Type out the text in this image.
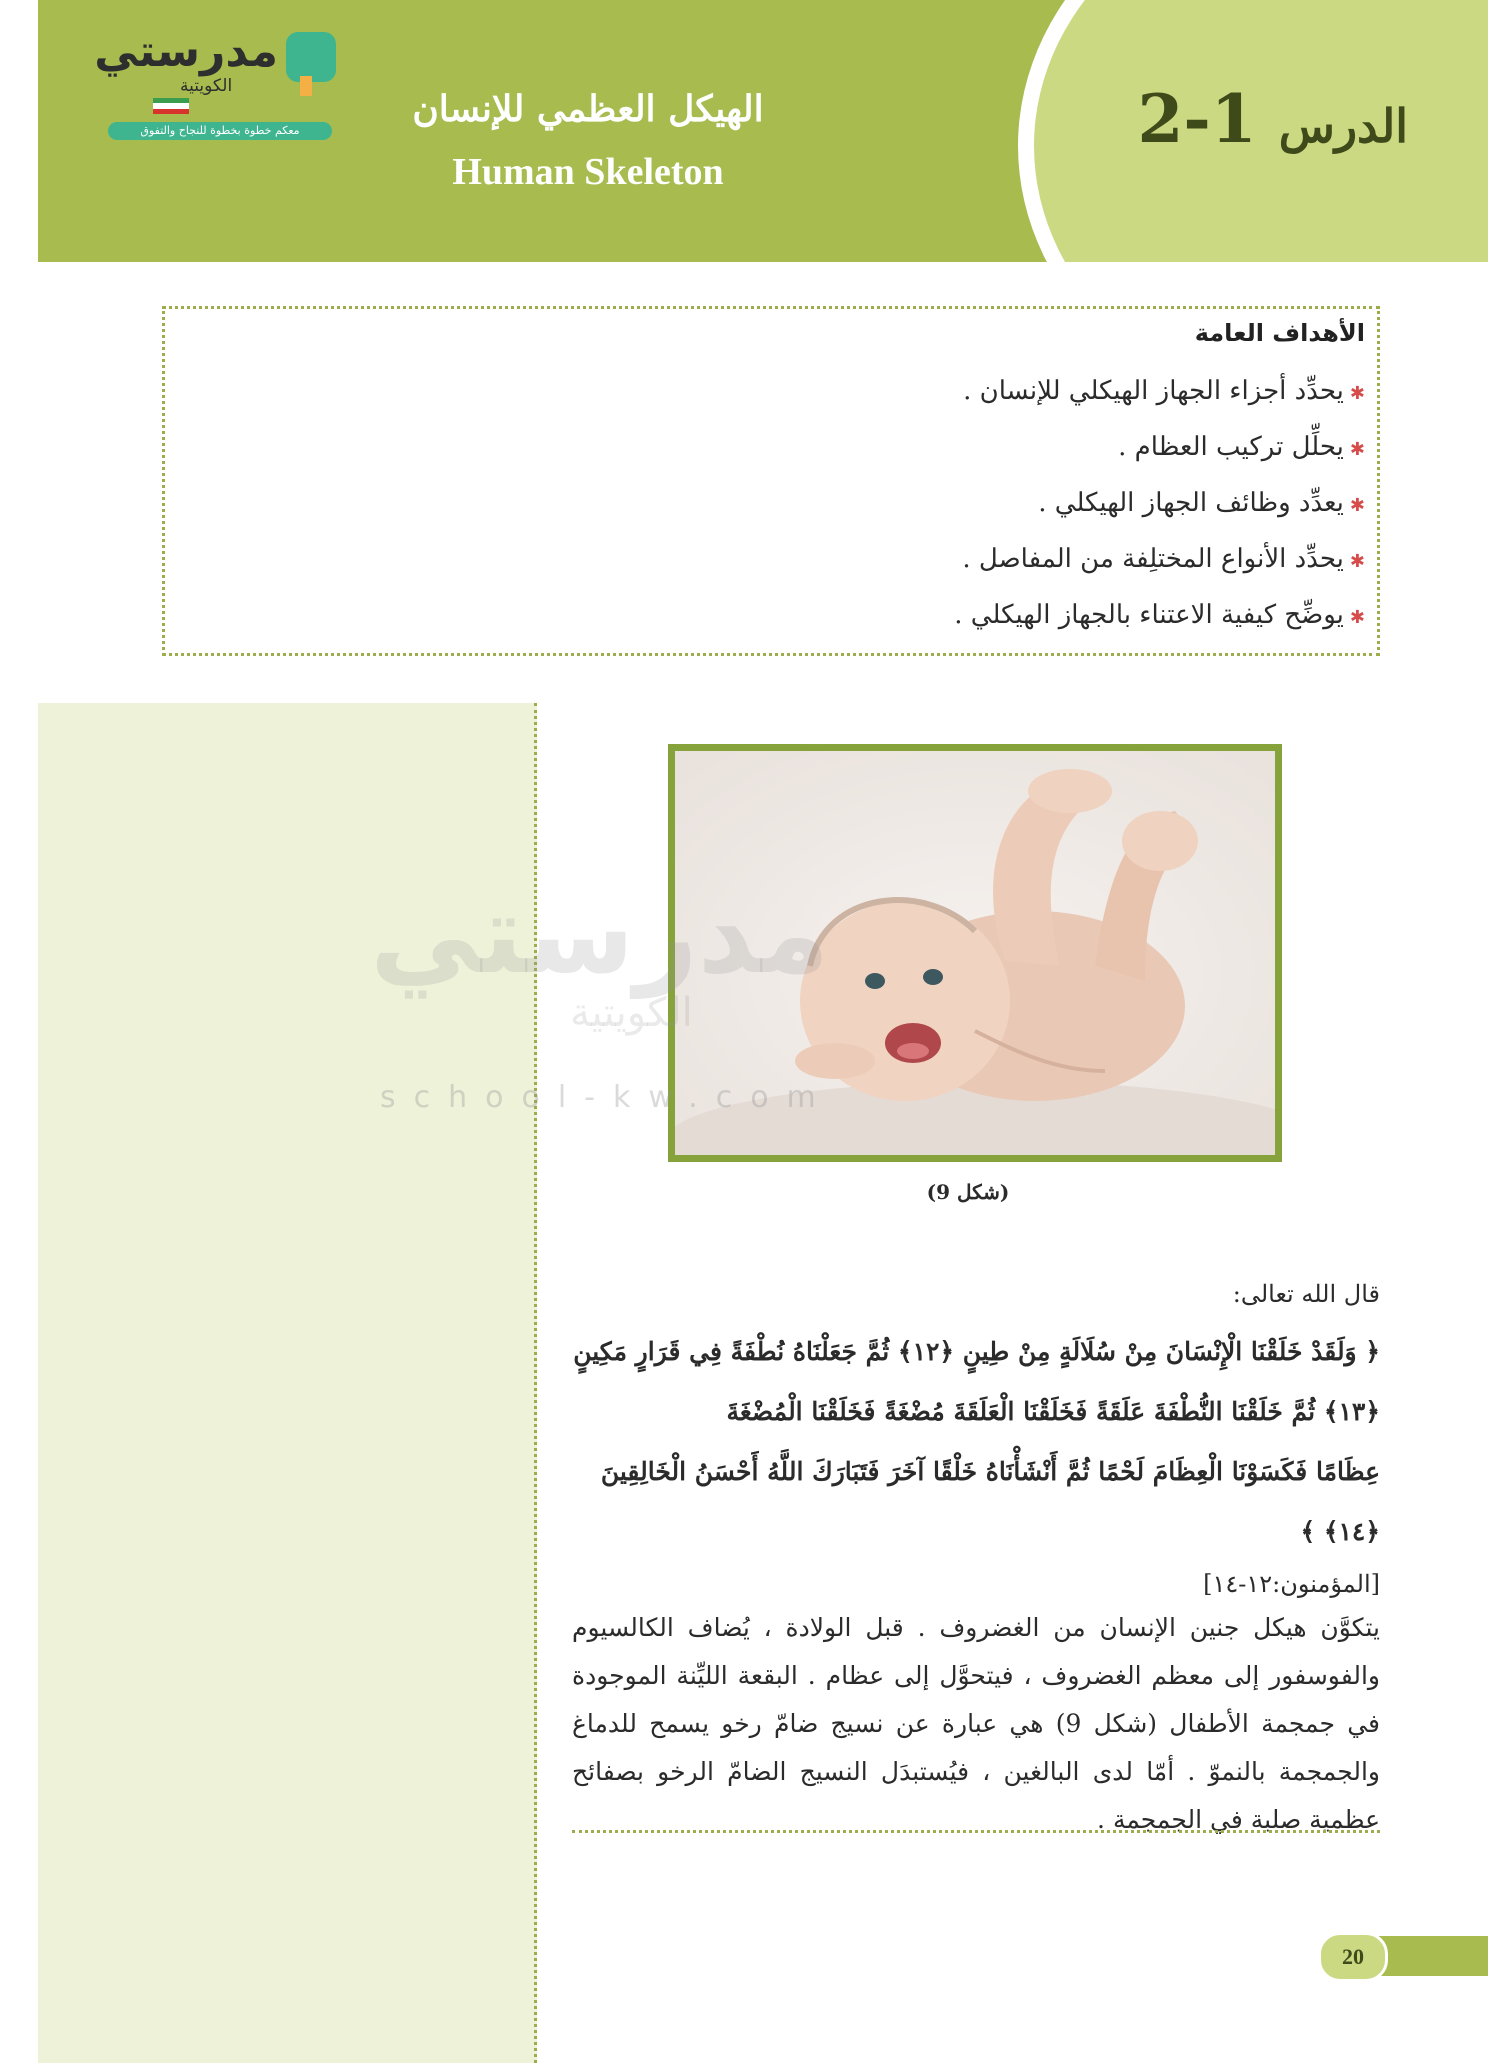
مدرستي
الكويتية
معكم خطوة بخطوة للنجاح والتفوق
الهيكل العظمي للإنسان
Human Skeleton
الدرس
2-1
الأهداف العامة
✱يحدِّد أجزاء الجهاز الهيكلي للإنسان .
✱يحلِّل تركيب العظام .
✱يعدِّد وظائف الجهاز الهيكلي .
✱يحدِّد الأنواع المختلِفة من المفاصل .
✱يوضِّح كيفية الاعتناء بالجهاز الهيكلي .
مدرستي
الكويتية
school-kw.com
(شكل 9)

قال الله تعالى:

﴿ وَلَقَدْ خَلَقْنَا الْإِنْسَانَ مِنْ سُلَالَةٍ مِنْ طِينٍ ﴿١٢﴾ ثُمَّ جَعَلْنَاهُ نُطْفَةً فِي قَرَارٍ مَكِينٍ
﴿١٣﴾ ثُمَّ خَلَقْنَا النُّطْفَةَ عَلَقَةً فَخَلَقْنَا الْعَلَقَةَ مُضْغَةً فَخَلَقْنَا الْمُضْغَةَ
عِظَامًا فَكَسَوْنَا الْعِظَامَ لَحْمًا ثُمَّ أَنْشَأْنَاهُ خَلْقًا آخَرَ فَتَبَارَكَ اللَّهُ أَحْسَنُ الْخَالِقِينَ ﴿١٤﴾ ﴾

[المؤمنون:١٢-١٤]

يتكوَّن هيكل جنين الإنسان من الغضروف . قبل الولادة ، يُضاف الكالسيوم والفوسفور إلى معظم الغضروف ، فيتحوَّل إلى عظام . البقعة الليِّنة الموجودة في جمجمة الأطفال (شكل 9) هي عبارة عن نسيج ضامّ رخو يسمح للدماغ والجمجمة بالنموّ . أمّا لدى البالغين ، فيُستبدَل النسيج الضامّ الرخو بصفائح عظمية صلبة في الجمجمة .

20
